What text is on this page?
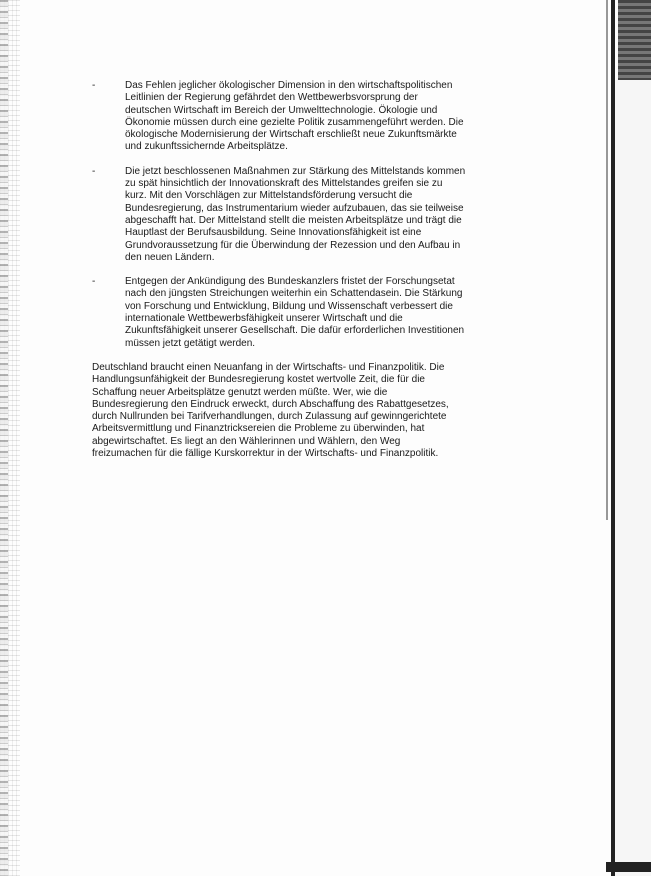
-	Das Fehlen jeglicher ökologischer Dimension in den wirtschaftspolitischen
Leitlinien der Regierung gefährdet den Wettbewerbsvorsprung der
deutschen Wirtschaft im Bereich der Umwelttechnologie. Ökologie und
Ökonomie müssen durch eine gezielte Politik zusammengeführt werden. Die
ökologische Modernisierung der Wirtschaft erschließt neue Zukunftsmärkte
und zukunftssichernde Arbeitsplätze.
-	Die jetzt beschlossenen Maßnahmen zur Stärkung des Mittelstands kommen
zu spät hinsichtlich der Innovationskraft des Mittelstandes greifen sie zu
kurz. Mit den Vorschlägen zur Mittelstandsförderung versucht die
Bundesregierung, das Instrumentarium wieder aufzubauen, das sie teilweise
abgeschafft hat. Der Mittelstand stellt die meisten Arbeitsplätze und trägt die
Hauptlast der Berufsausbildung. Seine Innovationsfähigkeit ist eine
Grundvoraussetzung für die Überwindung der Rezession und den Aufbau in
den neuen Ländern.
-	Entgegen der Ankündigung des Bundeskanzlers fristet der Forschungsetat
nach den jüngsten Streichungen weiterhin ein Schattendasein. Die Stärkung
von Forschung und Entwicklung, Bildung und Wissenschaft verbessert die
internationale Wettbewerbsfähigkeit unserer Wirtschaft und die
Zukunftsfähigkeit unserer Gesellschaft. Die dafür erforderlichen Investitionen
müssen jetzt getätigt werden.
Deutschland braucht einen Neuanfang in der Wirtschafts- und Finanzpolitik. Die
Handlungsunfähigkeit der Bundesregierung kostet wertvolle Zeit, die für die
Schaffung neuer Arbeitsplätze genutzt werden müßte. Wer, wie die
Bundesregierung den Eindruck erweckt, durch Abschaffung des Rabattgesetzes,
durch Nullrunden bei Tarifverhandlungen, durch Zulassung auf gewinngerichtete
Arbeitsvermittlung und Finanztricksereien die Probleme zu überwinden, hat
abgewirtschaftet. Es liegt an den Wählerinnen und Wählern, den Weg
freizumachen für die fällige Kurskorrektur in der Wirtschafts- und Finanzpolitik.
